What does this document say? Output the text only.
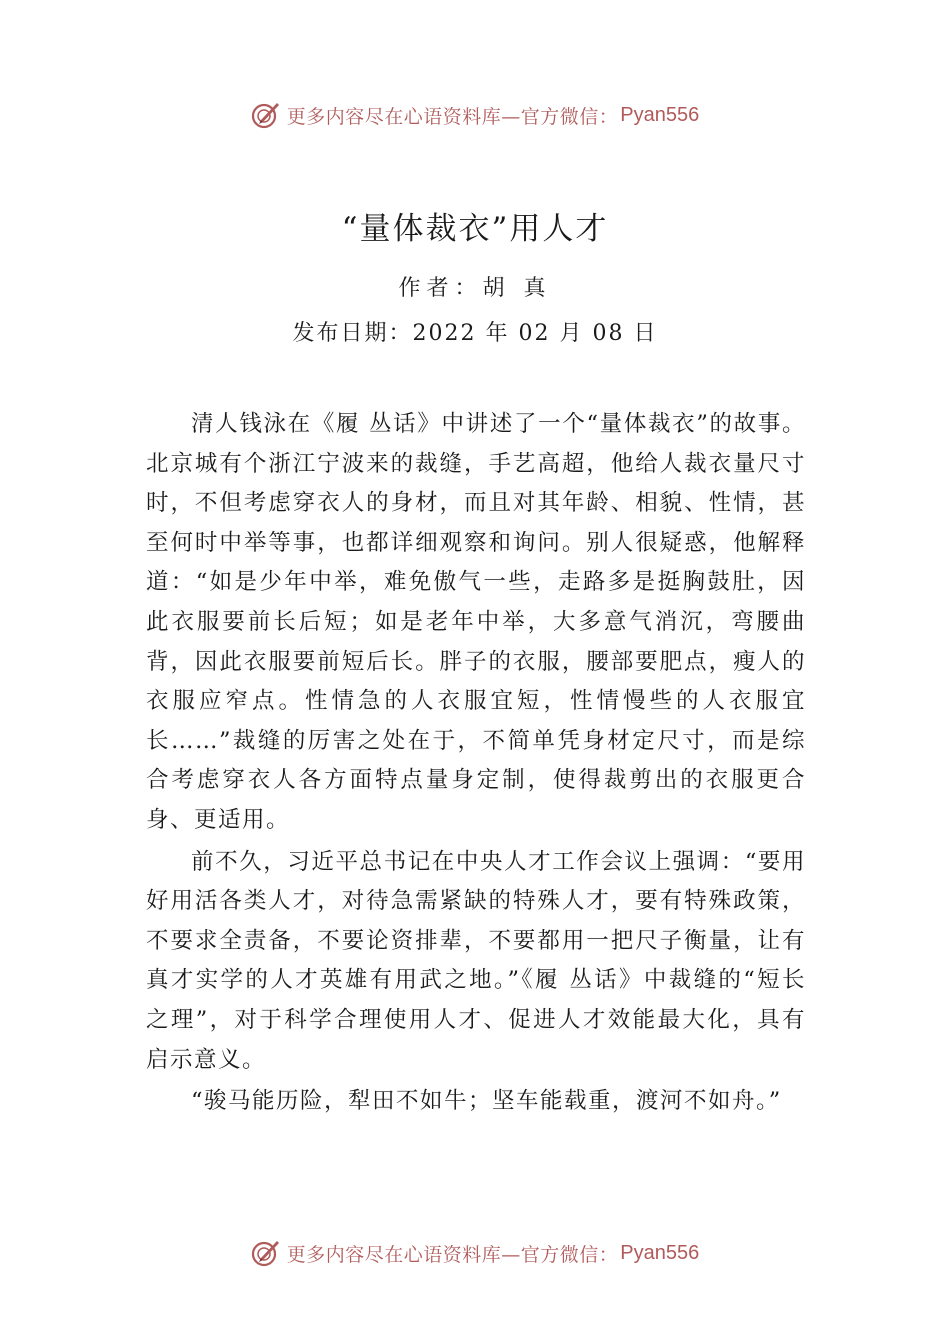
更多内容尽在心语资料库—官方微信： Pyan556
“量体裁衣”用人才
作者：胡 真
发布日期：2022 年 02 月 08 日

清人钱泳在《履 丛话》中讲述了一个“量体裁衣”的故事。北京城有个浙江宁波来的裁缝，手艺高超，他给人裁衣量尺寸时，不但考虑穿衣人的身材，而且对其年龄、相貌、性情，甚至何时中举等事，也都详细观察和询问。别人很疑惑，他解释道：“如是少年中举，难免傲气一些，走路多是挺胸鼓肚，因此衣服要前长后短；如是老年中举，大多意气消沉，弯腰曲背，因此衣服要前短后长。胖子的衣服，腰部要肥点，瘦人的衣服应窄点。性情急的人衣服宜短，性情慢些的人衣服宜长……”裁缝的厉害之处在于，不简单凭身材定尺寸，而是综合考虑穿衣人各方面特点量身定制，使得裁剪出的衣服更合身、更适用。

前不久，习近平总书记在中央人才工作会议上强调：“要用好用活各类人才，对待急需紧缺的特殊人才，要有特殊政策，不要求全责备，不要论资排辈，不要都用一把尺子衡量，让有真才实学的人才英雄有用武之地。”《履 丛话》中裁缝的“短长之理”，对于科学合理使用人才、促进人才效能最大化，具有启示意义。

“骏马能历险，犁田不如牛；坚车能载重，渡河不如舟。”

更多内容尽在心语资料库—官方微信： Pyan556
